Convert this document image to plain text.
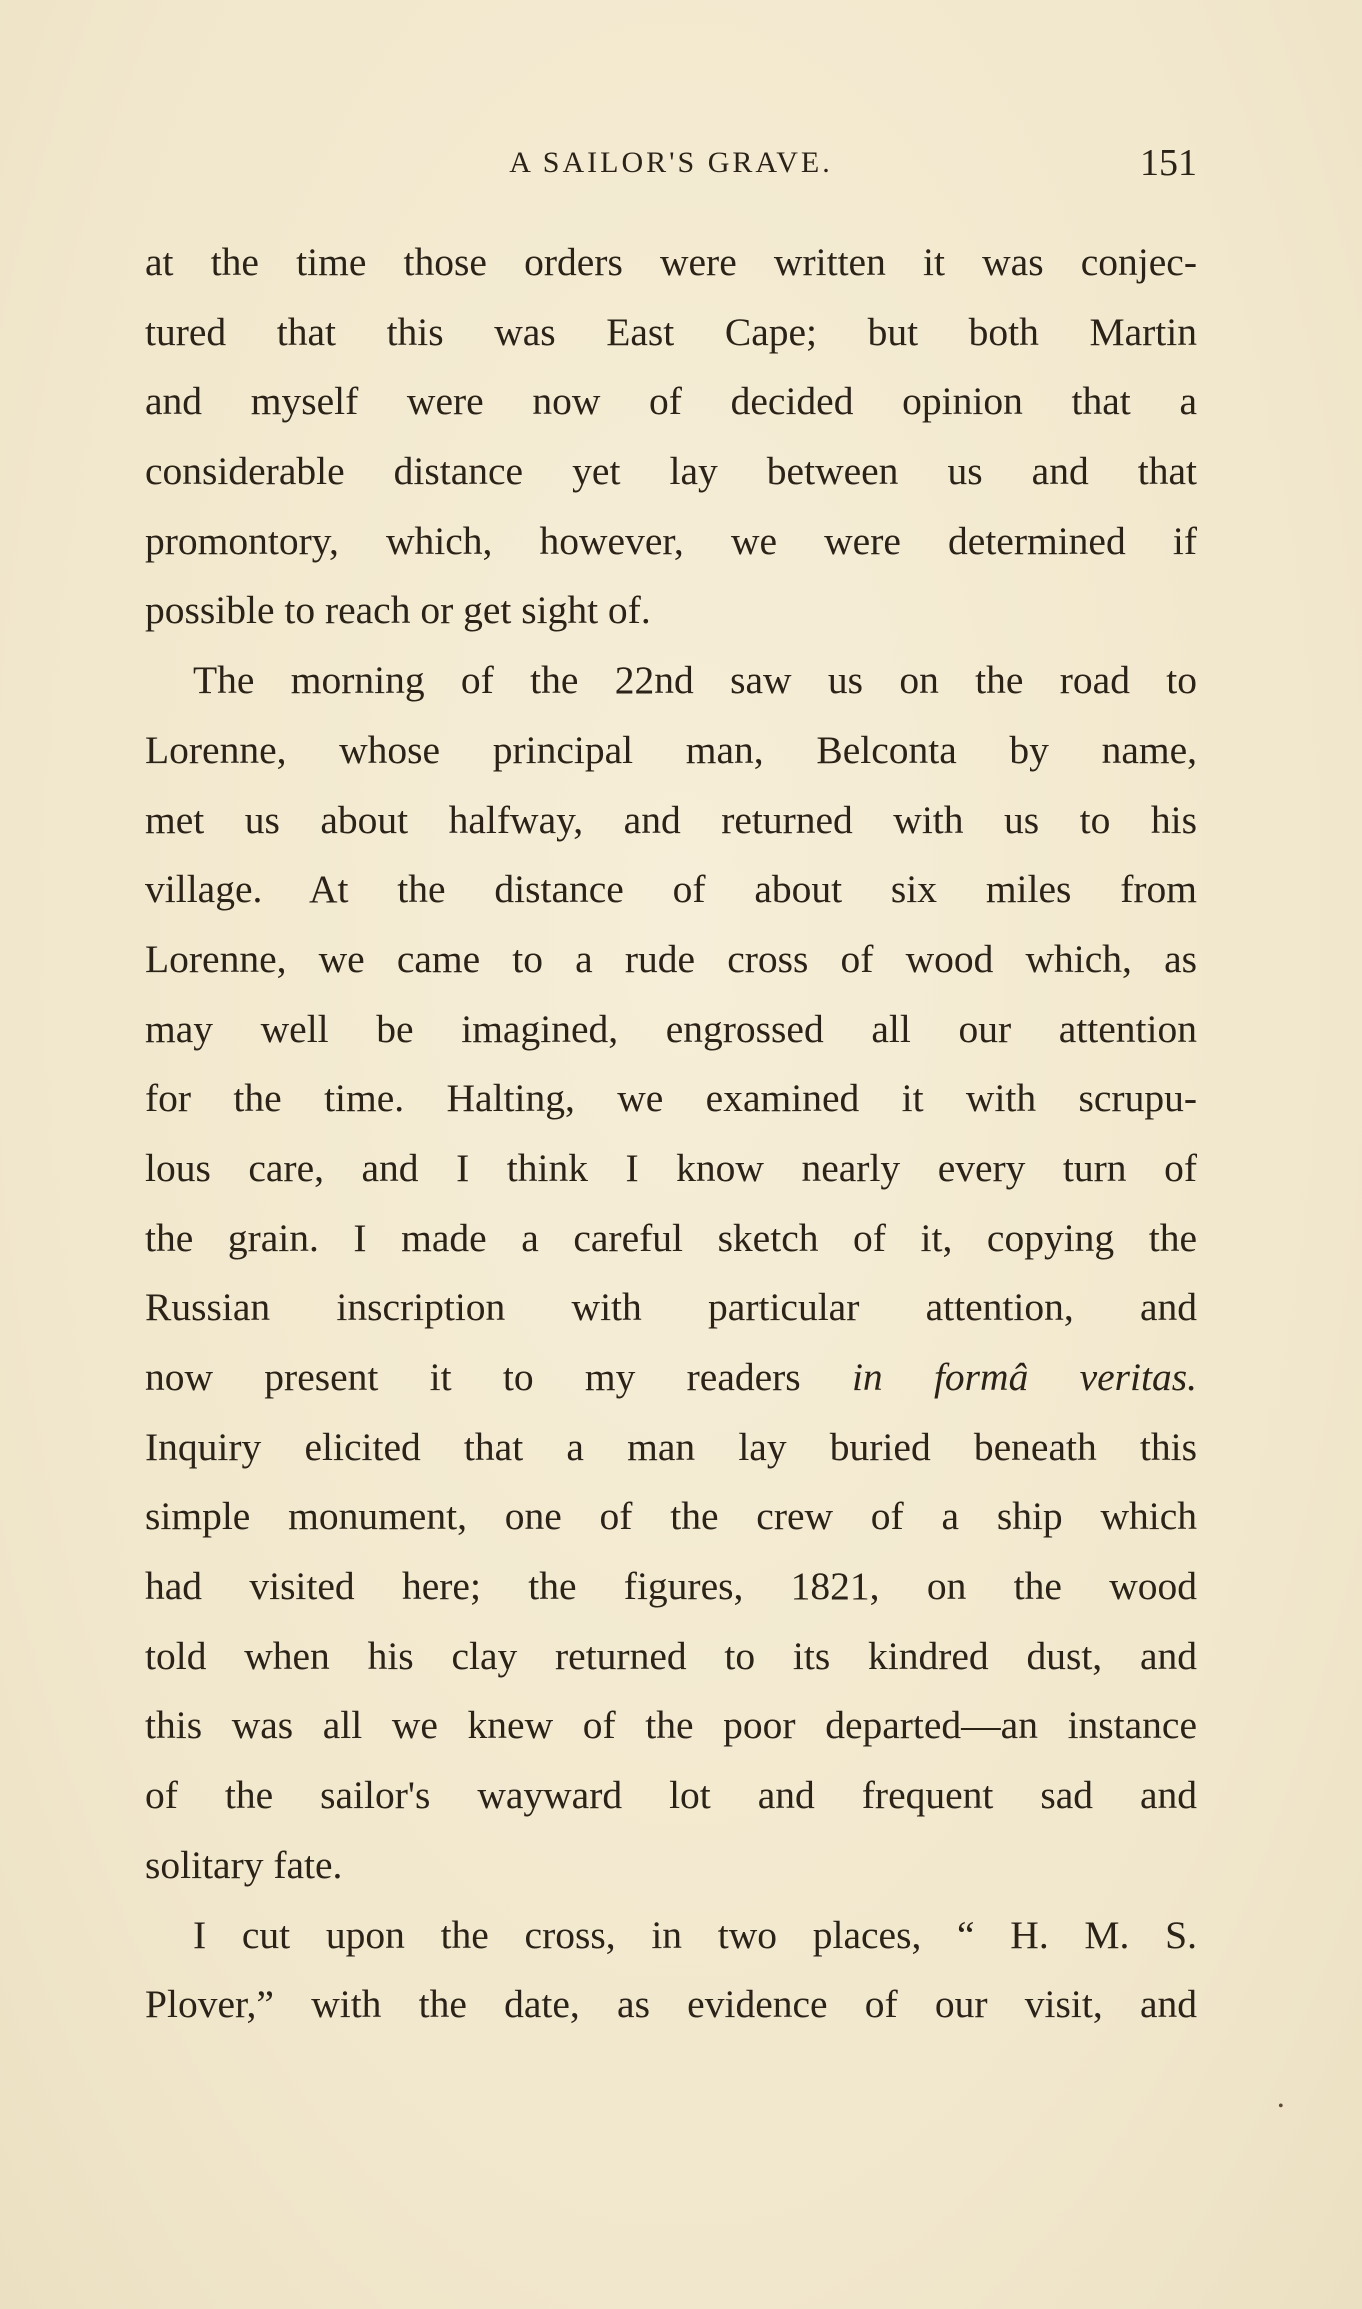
A SAILOR'S GRAVE.	151
at the time those orders were written it was conjec-
tured that this was East Cape; but both Martin
and myself were now of decided opinion that a
considerable distance yet lay between us and that
promontory, which, however, we were determined if
possible to reach or get sight of.
The morning of the 22nd saw us on the road to
Lorenne, whose principal man, Belconta by name,
met us about halfway, and returned with us to his
village. At the distance of about six miles from
Lorenne, we came to a rude cross of wood which, as
may well be imagined, engrossed all our attention
for the time. Halting, we examined it with scrupu-
lous care, and I think I know nearly every turn of
the grain. I made a careful sketch of it, copying the
Russian inscription with particular attention, and
now present it to my readers in formâ veritas.
Inquiry elicited that a man lay buried beneath this
simple monument, one of the crew of a ship which
had visited here; the figures, 1821, on the wood
told when his clay returned to its kindred dust, and
this was all we knew of the poor departed—an instance
of the sailor's wayward lot and frequent sad and
solitary fate.
I cut upon the cross, in two places, “ H. M. S.
Plover,” with the date, as evidence of our visit, and
•
